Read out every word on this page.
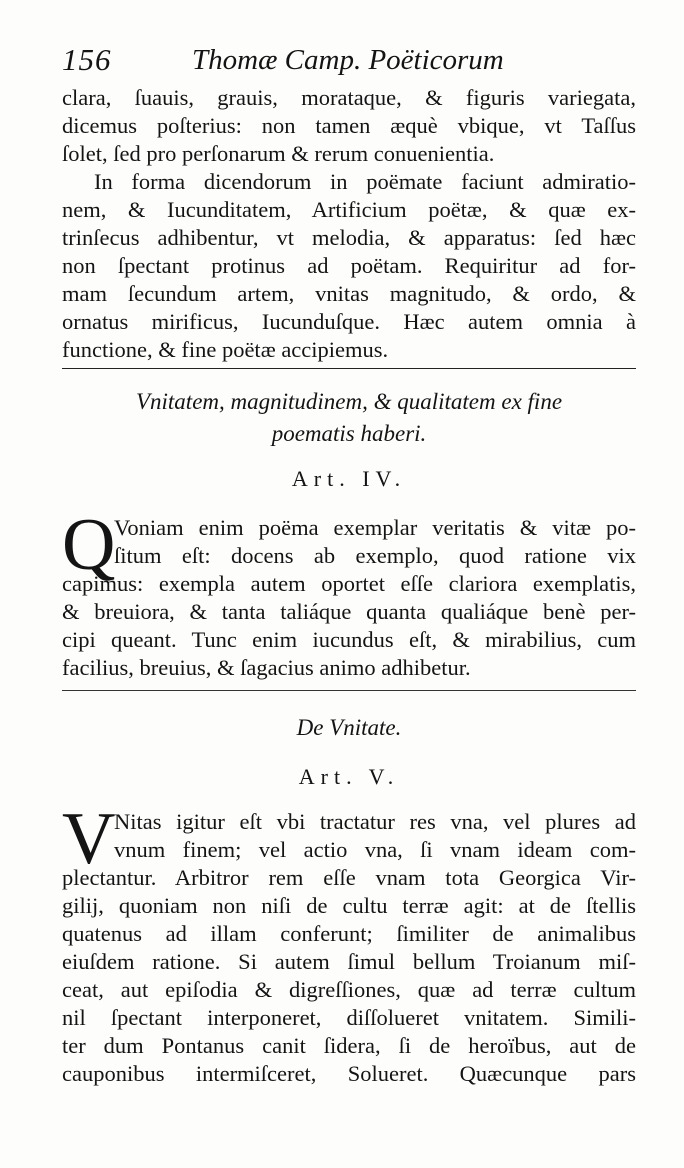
156	Thomæ Camp. Poëticorum
clara, ſuauis, grauis, morataque, & figuris variegata,
dicemus poſterius: non tamen æquè vbique, vt Taſſus
ſolet, ſed pro perſonarum & rerum conuenientia.
In forma dicendorum in poëmate faciunt admiratio-
nem, & Iucunditatem, Artificium poëtæ, & quæ ex-
trinſecus adhibentur, vt melodia, & apparatus: ſed hæc
non ſpectant protinus ad poëtam. Requiritur ad for-
mam ſecundum artem, vnitas magnitudo, & ordo, &
ornatus mirificus, Iucunduſque. Hæc autem omnia à
functione, & fine poëtæ accipiemus.
Vnitatem, magnitudinem, & qualitatem ex fine
poematis haberi.
Art. IV.
Q
Voniam enim poëma exemplar veritatis & vitæ po-
ſitum eſt: docens ab exemplo, quod ratione vix
capimus: exempla autem oportet eſſe clariora exemplatis,
& breuiora, & tanta taliáque quanta qualiáque benè per-
cipi queant. Tunc enim iucundus eſt, & mirabilius, cum
facilius, breuius, & ſagacius animo adhibetur.
De Vnitate.
Art. V.
V
Nitas igitur eſt vbi tractatur res vna, vel plures ad
vnum finem; vel actio vna, ſi vnam ideam com-
plectantur. Arbitror rem eſſe vnam tota Georgica Vir-
gilij, quoniam non niſi de cultu terræ agit: at de ſtellis
quatenus ad illam conferunt; ſimiliter de animalibus
eiuſdem ratione. Si autem ſimul bellum Troianum miſ-
ceat, aut epiſodia & digreſſiones, quæ ad terræ cultum
nil ſpectant interponeret, diſſolueret vnitatem. Simili-
ter dum Pontanus canit ſidera, ſi de heroïbus, aut de
cauponibus intermiſceret, Solueret. Quæcunque pars
